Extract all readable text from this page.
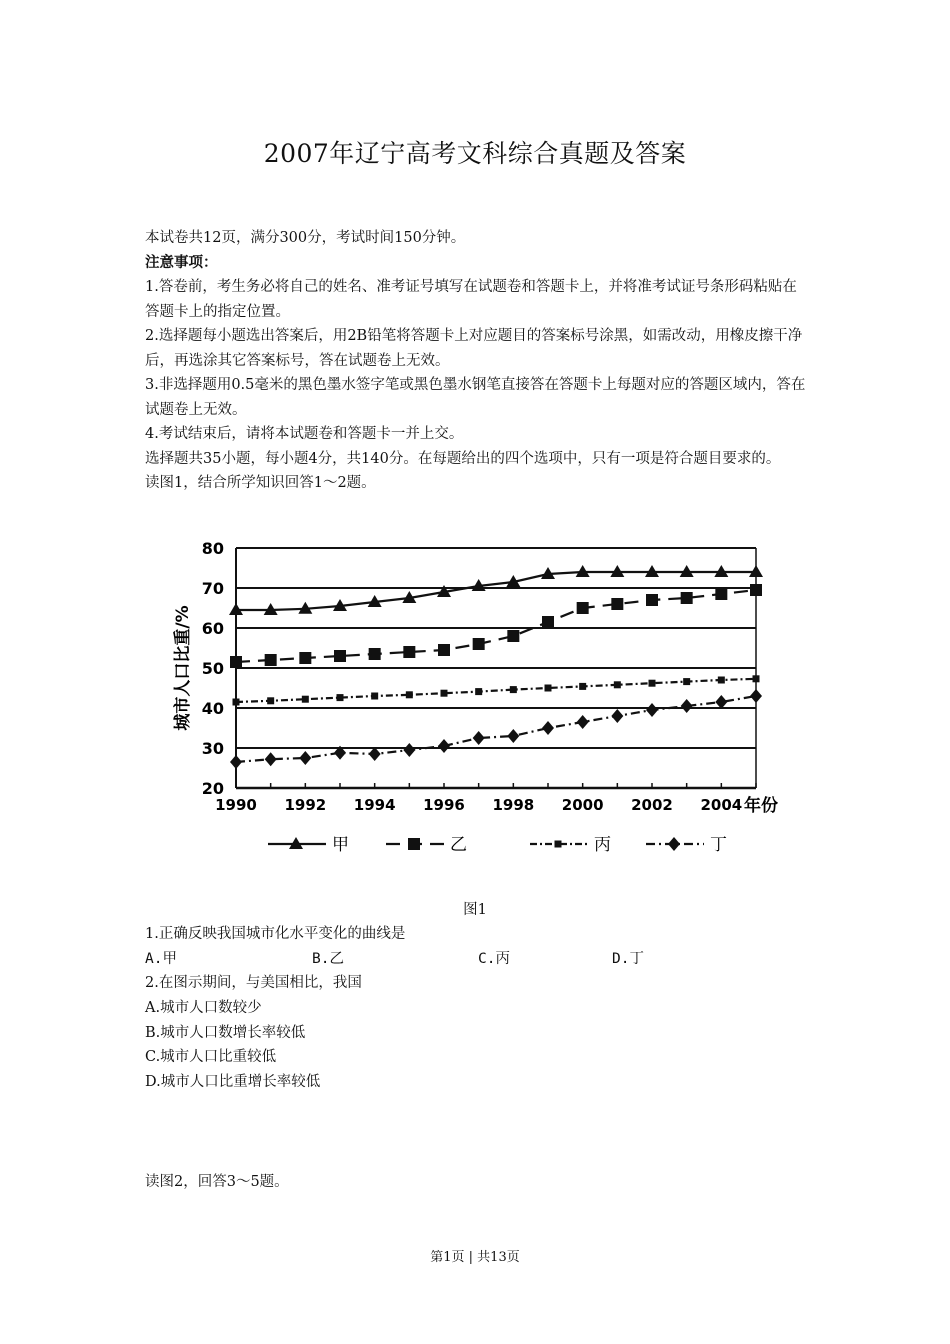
2007年辽宁高考文科综合真题及答案

本试卷共12页，满分300分，考试时间150分钟。

注意事项：

1.答卷前，考生务必将自己的姓名、准考证号填写在试题卷和答题卡上，并将准考试证号条形码粘贴在答题卡上的指定位置。

2.选择题每小题选出答案后，用2B铅笔将答题卡上对应题目的答案标号涂黑，如需改动，用橡皮擦干净后，再选涂其它答案标号，答在试题卷上无效。

3.非选择题用0.5毫米的黑色墨水签字笔或黑色墨水钢笔直接答在答题卡上每题对应的答题区域内，答在试题卷上无效。

4.考试结束后，请将本试题卷和答题卡一并上交。

选择题共35小题，每小题4分，共140分。在每题给出的四个选项中，只有一项是符合题目要求的。

读图1，结合所学知识回答1～2题。

80
70
60
50
40
30
20
1990 1992 1994 1996 1998 2000 2002 2004 年份
城市人口比重/%
甲	乙	丙	丁
图1

1.正确反映我国城市化水平变化的曲线是

A.甲	B.乙	C.丙	D.丁

2.在图示期间，与美国相比，我国

A.城市人口数较少

B.城市人口数增长率较低

C.城市人口比重较低

D.城市人口比重增长率较低

读图2，回答3～5题。

第1页 | 共13页
